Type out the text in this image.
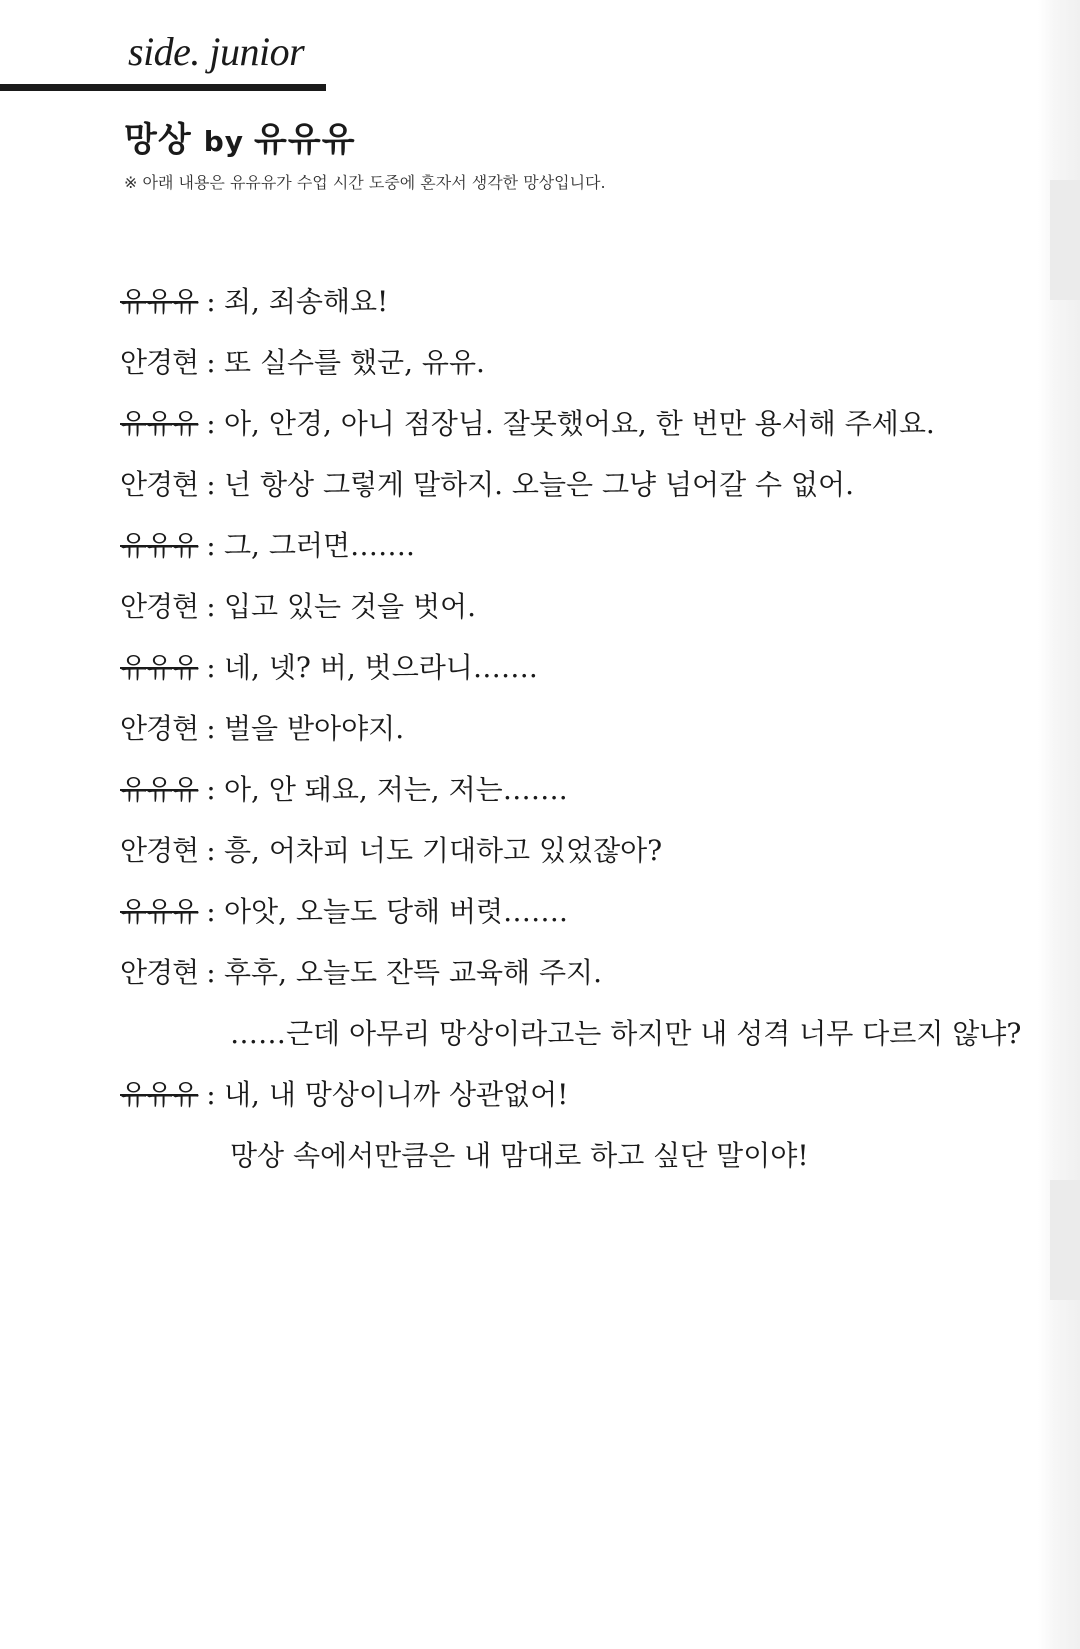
side. junior
망상 by 유유유
※ 아래 내용은 유유유가 수업 시간 도중에 혼자서 생각한 망상입니다.
유유유 : 죄, 죄송해요!
안경현 : 또 실수를 했군, 유유.
유유유 : 아, 안경, 아니 점장님. 잘못했어요, 한 번만 용서해 주세요.
안경현 : 넌 항상 그렇게 말하지. 오늘은 그냥 넘어갈 수 없어.
유유유 : 그, 그러면…….
안경현 : 입고 있는 것을 벗어.
유유유 : 네, 넷? 버, 벗으라니…….
안경현 : 벌을 받아야지.
유유유 : 아, 안 돼요, 저는, 저는…….
안경현 : 흥, 어차피 너도 기대하고 있었잖아?
유유유 : 아앗, 오늘도 당해 버렷…….
안경현 : 후후, 오늘도 잔뜩 교육해 주지.
……근데 아무리 망상이라고는 하지만 내 성격 너무 다르지 않냐?
유유유 : 내, 내 망상이니까 상관없어!
망상 속에서만큼은 내 맘대로 하고 싶단 말이야!
